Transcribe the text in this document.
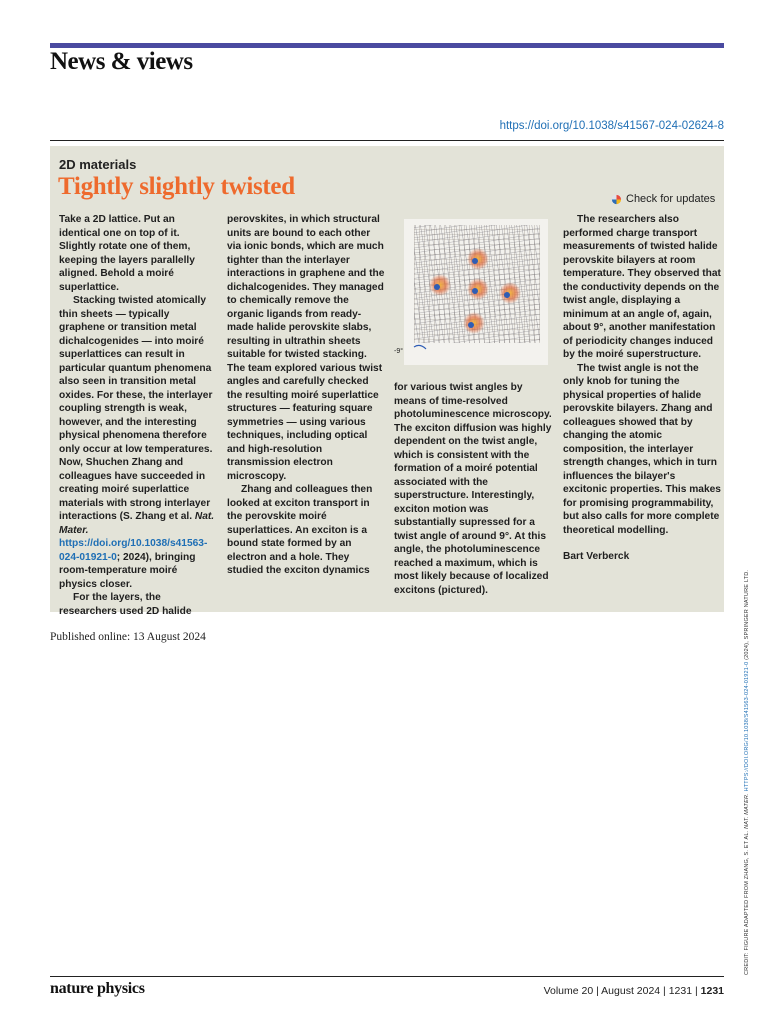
News & views
https://doi.org/10.1038/s41567-024-02624-8
2D materials
Tightly slightly twisted	Check for updates

Take a 2D lattice. Put an identical one on top of it. Slightly rotate one of them, keeping the layers parallelly aligned. Behold a moiré superlattice.

Stacking twisted atomically thin sheets — typically graphene or transition metal dichalcogenides — into moiré superlattices can result in particular quantum phenomena also seen in transition metal oxides. For these, the interlayer coupling strength is weak, however, and the interesting physical phenomena therefore only occur at low temperatures. Now, Shuchen Zhang and colleagues have succeeded in creating moiré superlattice materials with strong interlayer interactions (S. Zhang et al. Nat. Mater. https://doi.org/10.1038/s41563-024-01921-0; 2024), bringing room-temperature moiré physics closer.

For the layers, the researchers used 2D halide

perovskites, in which structural units are bound to each other via ionic bonds, which are much tighter than the interlayer interactions in graphene and the dichalcogenides. They managed to chemically remove the organic ligands from ready-made halide perovskite slabs, resulting in ultrathin sheets suitable for twisted stacking. The team explored various twist angles and carefully checked the resulting moiré superlattice structures — featuring square symmetries — using various techniques, including optical and high-resolution transmission electron microscopy.

Zhang and colleagues then looked at exciton transport in the perovskite moiré superlattices. An exciton is a bound state formed by an electron and a hole. They studied the exciton dynamics

-9°

for various twist angles by means of time-resolved photoluminescence microscopy. The exciton diffusion was highly dependent on the twist angle, which is consistent with the formation of a moiré potential associated with the superstructure. Interestingly, exciton motion was substantially supressed for a twist angle of around 9°. At this angle, the photoluminescence reached a maximum, which is most likely because of localized excitons (pictured).

The researchers also performed charge transport measurements of twisted halide perovskite bilayers at room temperature. They observed that the conductivity depends on the twist angle, displaying a minimum at an angle of, again, about 9°, another manifestation of periodicity changes induced by the moiré superstructure.

The twist angle is not the only knob for tuning the physical properties of halide perovskite bilayers. Zhang and colleagues showed that by changing the atomic composition, the interlayer strength changes, which in turn influences the bilayer's excitonic properties. This makes for promising programmability, but also calls for more complete theoretical modelling.

Bart Verberck

Published online: 13 August 2024
CREDIT: FIGURE ADAPTED FROM ZHANG, S. ET AL. NAT. MATER. HTTPS://DOI.ORG/10.1038/S41563-024-01921-0 (2024), SPRINGER NATURE LTD.
nature physics	Volume 20 | August 2024 | 1231 | 1231
